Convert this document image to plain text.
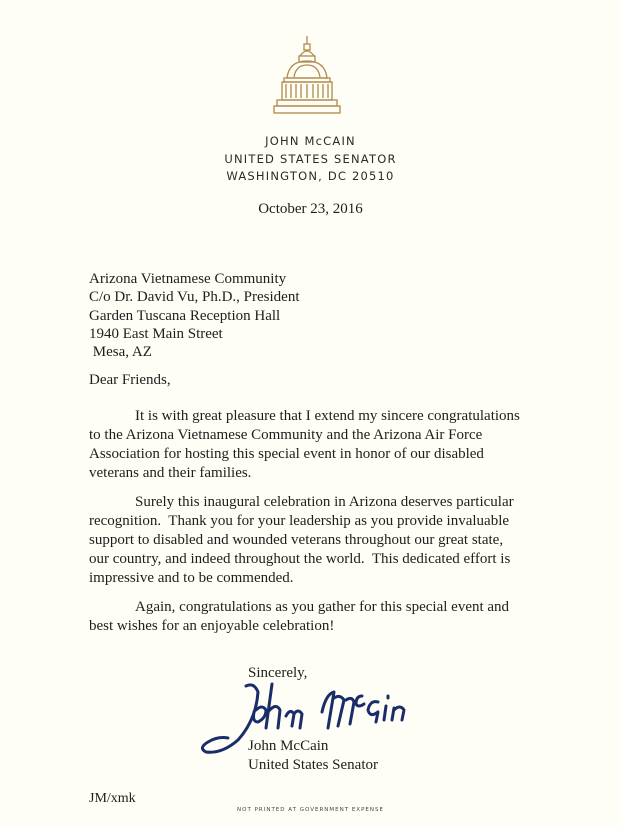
JOHN McCAIN
UNITED STATES SENATOR
WASHINGTON, DC 20510
October 23, 2016
Arizona Vietnamese Community
C/o Dr. David Vu, Ph.D., President
Garden Tuscana Reception Hall
1940 East Main Street
Mesa, AZ
Dear Friends,
It is with great pleasure that I extend my sincere congratulations
to the Arizona Vietnamese Community and the Arizona Air Force
Association for hosting this special event in honor of our disabled
veterans and their families.
Surely this inaugural celebration in Arizona deserves particular
recognition.  Thank you for your leadership as you provide invaluable
support to disabled and wounded veterans throughout our great state,
our country, and indeed throughout the world.  This dedicated effort is
impressive and to be commended.
Again, congratulations as you gather for this special event and
best wishes for an enjoyable celebration!
Sincerely,
John McCain
United States Senator
JM/xmk
NOT PRINTED AT GOVERNMENT EXPENSE
